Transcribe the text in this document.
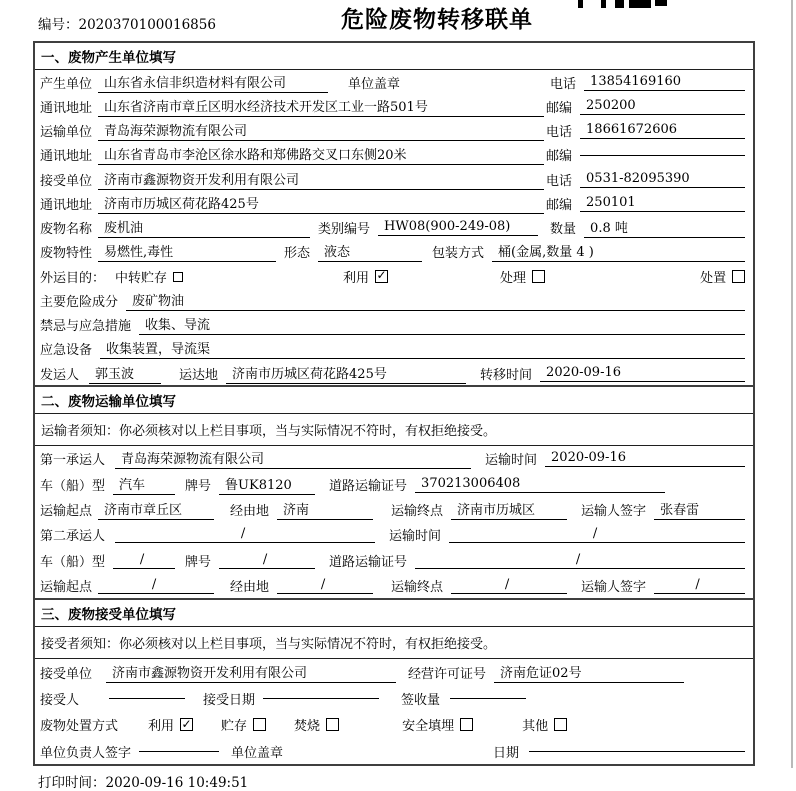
编号：2020370100016856	危险废物转移联单
一、废物产生单位填写
产生单位 山东省永信非织造材料有限公司	单位盖章	电话	13854169160
通讯地址 山东省济南市章丘区明水经济技术开发区工业一路501号	邮编	250200
运输单位 青岛海荣源物流有限公司	电话	18661672606
通讯地址 山东省青岛市李沧区徐水路和郑佛路交叉口东侧20米	邮编
接受单位 济南市鑫源物资开发利用有限公司	电话	0531-82095390
通讯地址 济南市历城区荷花路425号	邮编	250101
废物名称 废机油	类别编号	HW08(900-249-08)	数量	0.8 吨
废物特性 易燃性,毒性	形态	液态	包装方式	桶(金属,数量 4 )
外运目的： 中转贮存	利用 ✓	处理	处置
主要危险成分	废矿物油
禁忌与应急措施	收集、导流
应急设备	收集装置，导流渠
发运人	郭玉波	运达地	济南市历城区荷花路425号	转移时间	2020-09-16
二、废物运输单位填写
运输者须知：你必须核对以上栏目事项，当与实际情况不符时，有权拒绝接受。
第一承运人	青岛海荣源物流有限公司	运输时间	2020-09-16
车（船）型	汽车	牌号	鲁UK8120	道路运输证号	370213006408
运输起点 济南市章丘区	经由地	济南	运输终点	济南市历城区	运输人签字	张春雷
第二承运人	/	运输时间	/
车（船）型	/	牌号	/	道路运输证号	/
运输起点	/	经由地	/	运输终点	/	运输人签字	/
三、废物接受单位填写
接受者须知：你必须核对以上栏目事项，当与实际情况不符时，有权拒绝接受。
接受单位	济南市鑫源物资开发利用有限公司	经营许可证号	济南危证02号
接受人	接受日期	签收量
废物处置方式 利用 ✓ 贮存	焚烧	安全填埋	其他
单位负责人签字	单位盖章	日期
打印时间：2020-09-16 10:49:51
